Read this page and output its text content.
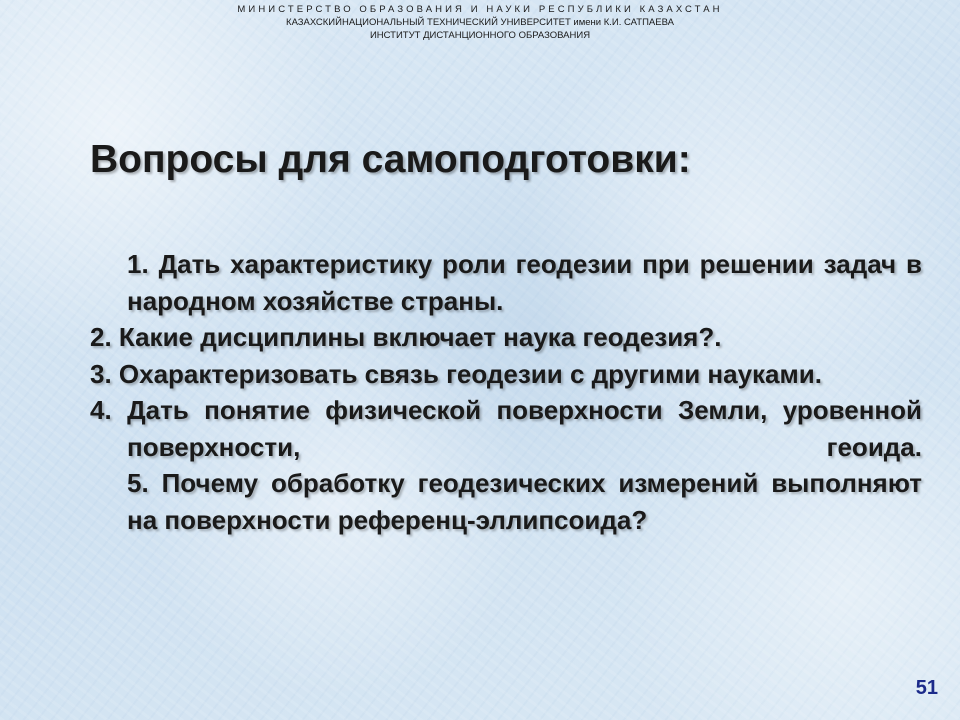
МИНИСТЕРСТВО ОБРАЗОВАНИЯ И НАУКИ РЕСПУБЛИКИ КАЗАХСТАН
КАЗАХСКИЙНАЦИОНАЛЬНЫЙ ТЕХНИЧЕСКИЙ УНИВЕРСИТЕТ имени К.И. САТПАЕВА
ИНСТИТУТ ДИСТАНЦИОННОГО ОБРАЗОВАНИЯ
Вопросы для самоподготовки:
1. Дать характеристику роли геодезии при решении задач в народном хозяйстве страны.
2. Какие дисциплины включает наука геодезия?.
3. Охарактеризовать связь геодезии с другими науками.
4. Дать понятие физической поверхности Земли, уровенной поверхности, геоида.
5. Почему обработку геодезических измерений выполняют на поверхности референц-эллипсоида?
51
